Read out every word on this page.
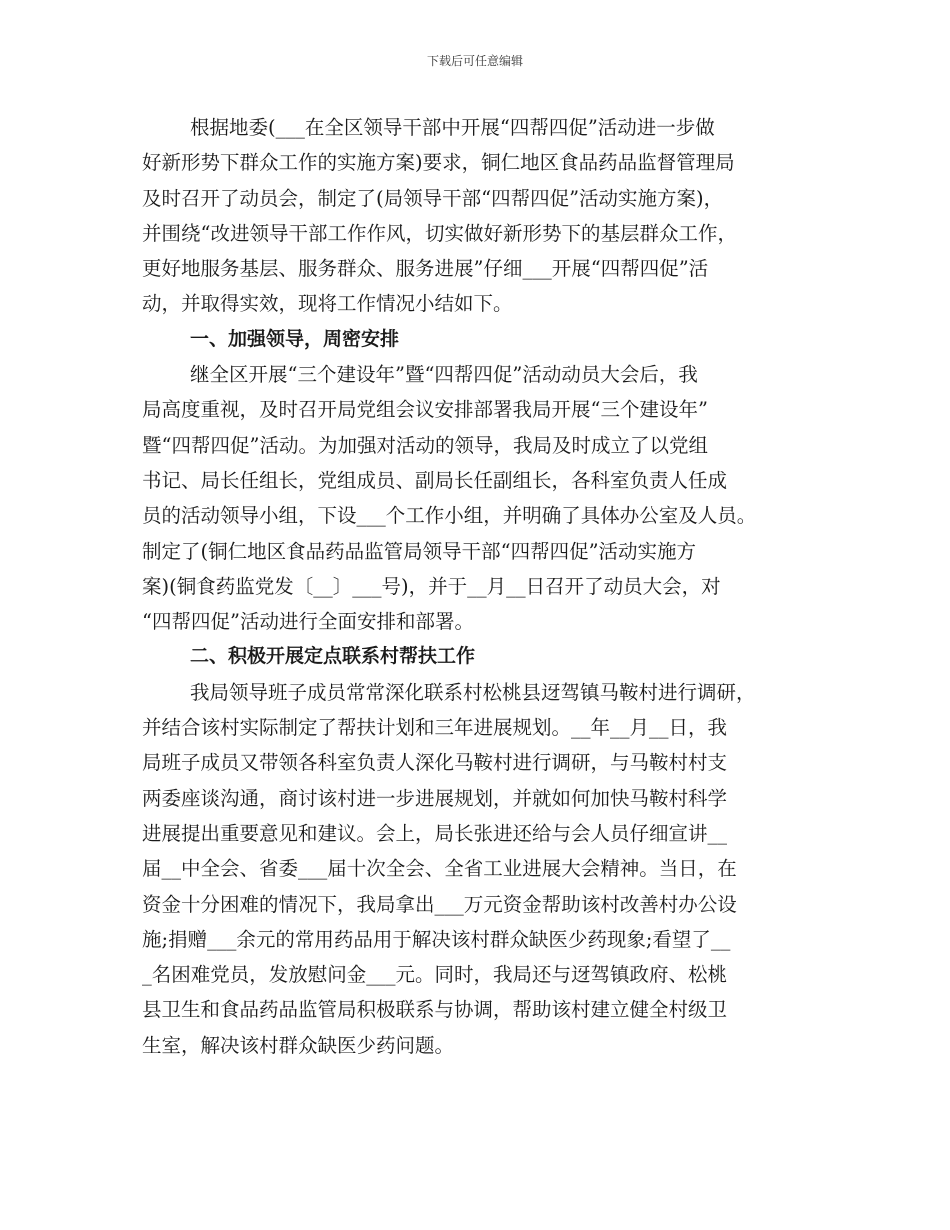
下载后可任意编辑
根据地委(___在全区领导干部中开展“四帮四促”活动进一步做
好新形势下群众工作的实施方案)要求，铜仁地区食品药品监督管理局
及时召开了动员会，制定了(局领导干部“四帮四促”活动实施方案)，
并围绕“改进领导干部工作作风，切实做好新形势下的基层群众工作，
更好地服务基层、服务群众、服务进展”仔细___开展“四帮四促”活
动，并取得实效，现将工作情况小结如下。
一、加强领导，周密安排
继全区开展“三个建设年”暨“四帮四促”活动动员大会后，我
局高度重视，及时召开局党组会议安排部署我局开展“三个建设年”
暨“四帮四促”活动。为加强对活动的领导，我局及时成立了以党组
书记、局长任组长，党组成员、副局长任副组长，各科室负责人任成
员的活动领导小组，下设___个工作小组，并明确了具体办公室及人员。
制定了(铜仁地区食品药品监管局领导干部“四帮四促”活动实施方
案)(铜食药监党发〔__〕___号)，并于__月__日召开了动员大会，对
“四帮四促”活动进行全面安排和部署。
二、积极开展定点联系村帮扶工作
我局领导班子成员常常深化联系村松桃县迓驾镇马鞍村进行调研，
并结合该村实际制定了帮扶计划和三年进展规划。__年__月__日，我
局班子成员又带领各科室负责人深化马鞍村进行调研，与马鞍村村支
两委座谈沟通，商讨该村进一步进展规划，并就如何加快马鞍村科学
进展提出重要意见和建议。会上，局长张进还给与会人员仔细宣讲__
届__中全会、省委___届十次全会、全省工业进展大会精神。当日，在
资金十分困难的情况下，我局拿出___万元资金帮助该村改善村办公设
施;捐赠___余元的常用药品用于解决该村群众缺医少药现象;看望了__
_名困难党员，发放慰问金___元。同时，我局还与迓驾镇政府、松桃
县卫生和食品药品监管局积极联系与协调，帮助该村建立健全村级卫
生室，解决该村群众缺医少药问题。
